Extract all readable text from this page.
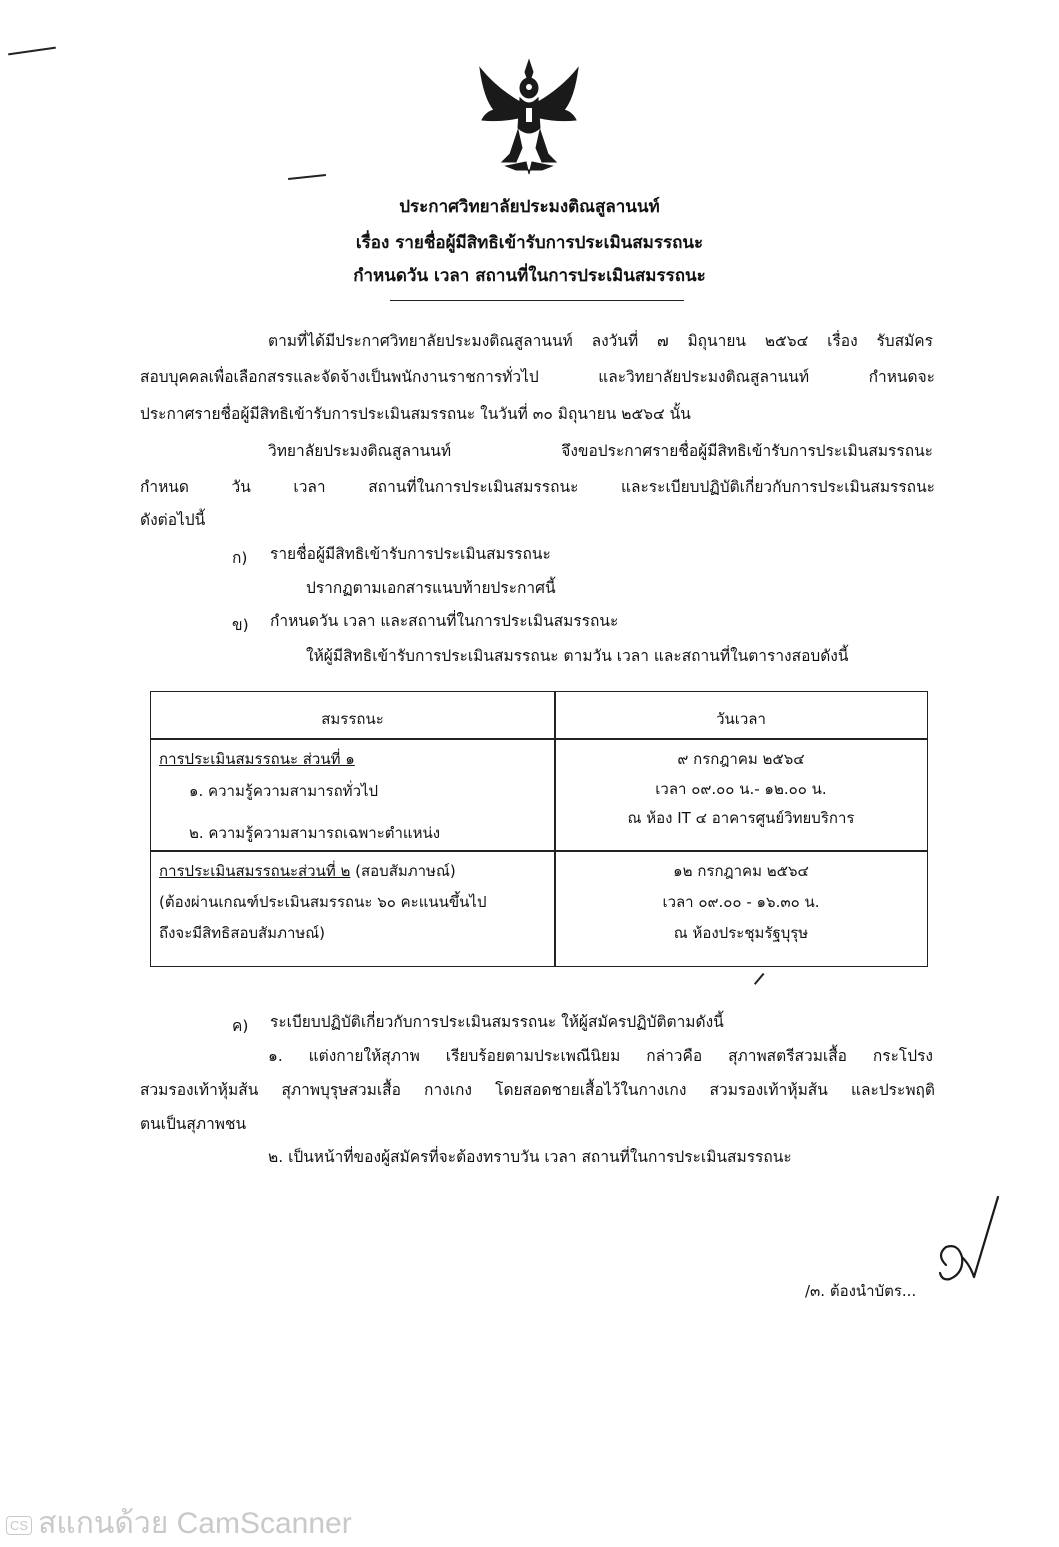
ประกาศวิทยาลัยประมงติณสูลานนท์
เรื่อง รายชื่อผู้มีสิทธิเข้ารับการประเมินสมรรถนะ
กำหนดวัน เวลา สถานที่ในการประเมินสมรรถนะ
ตามที่ได้มีประกาศวิทยาลัยประมงติณสูลานนท์ ลงวันที่ ๗ มิถุนายน ๒๕๖๔ เรื่อง รับสมัคร
สอบบุคคลเพื่อเลือกสรรและจัดจ้างเป็นพนักงานราชการทั่วไป และวิทยาลัยประมงติณสูลานนท์ กำหนดจะ
ประกาศรายชื่อผู้มีสิทธิเข้ารับการประเมินสมรรถนะ ในวันที่ ๓๐ มิถุนายน ๒๕๖๔ นั้น
วิทยาลัยประมงติณสูลานนท์ จึงขอประกาศรายชื่อผู้มีสิทธิเข้ารับการประเมินสมรรถนะ
กำหนด วัน เวลา สถานที่ในการประเมินสมรรถนะ และระเบียบปฏิบัติเกี่ยวกับการประเมินสมรรถนะ
ดังต่อไปนี้
ก) รายชื่อผู้มีสิทธิเข้ารับการประเมินสมรรถนะ
ปรากฏตามเอกสารแนบท้ายประกาศนี้
ข) กำหนดวัน เวลา และสถานที่ในการประเมินสมรรถนะ
ให้ผู้มีสิทธิเข้ารับการประเมินสมรรถนะ ตามวัน เวลา และสถานที่ในตารางสอบดังนี้
สมรรถนะ	วันเวลา
การประเมินสมรรถนะ ส่วนที่ ๑
๑. ความรู้ความสามารถทั่วไป
๒. ความรู้ความสามารถเฉพาะตำแหน่ง
๙ กรกฎาคม ๒๕๖๔
เวลา ๐๙.๐๐ น.- ๑๒.๐๐ น.
ณ ห้อง IT ๔ อาคารศูนย์วิทยบริการ
การประเมินสมรรถนะส่วนที่ ๒ (สอบสัมภาษณ์)
(ต้องผ่านเกณฑ์ประเมินสมรรถนะ ๖๐ คะแนนขึ้นไป
ถึงจะมีสิทธิสอบสัมภาษณ์)
๑๒ กรกฎาคม ๒๕๖๔
เวลา ๐๙.๐๐ - ๑๖.๓๐ น.
ณ ห้องประชุมรัฐบุรุษ
ค) ระเบียบปฏิบัติเกี่ยวกับการประเมินสมรรถนะ ให้ผู้สมัครปฏิบัติตามดังนี้
๑. แต่งกายให้สุภาพ เรียบร้อยตามประเพณีนิยม กล่าวคือ สุภาพสตรีสวมเสื้อ กระโปรง
สวมรองเท้าหุ้มส้น สุภาพบุรุษสวมเสื้อ กางเกง โดยสอดชายเสื้อไว้ในกางเกง สวมรองเท้าหุ้มส้น และประพฤติ
ตนเป็นสุภาพชน
๒. เป็นหน้าที่ของผู้สมัครที่จะต้องทราบวัน เวลา สถานที่ในการประเมินสมรรถนะ
/๓. ต้องนำบัตร...
CS สแกนด้วย CamScanner
